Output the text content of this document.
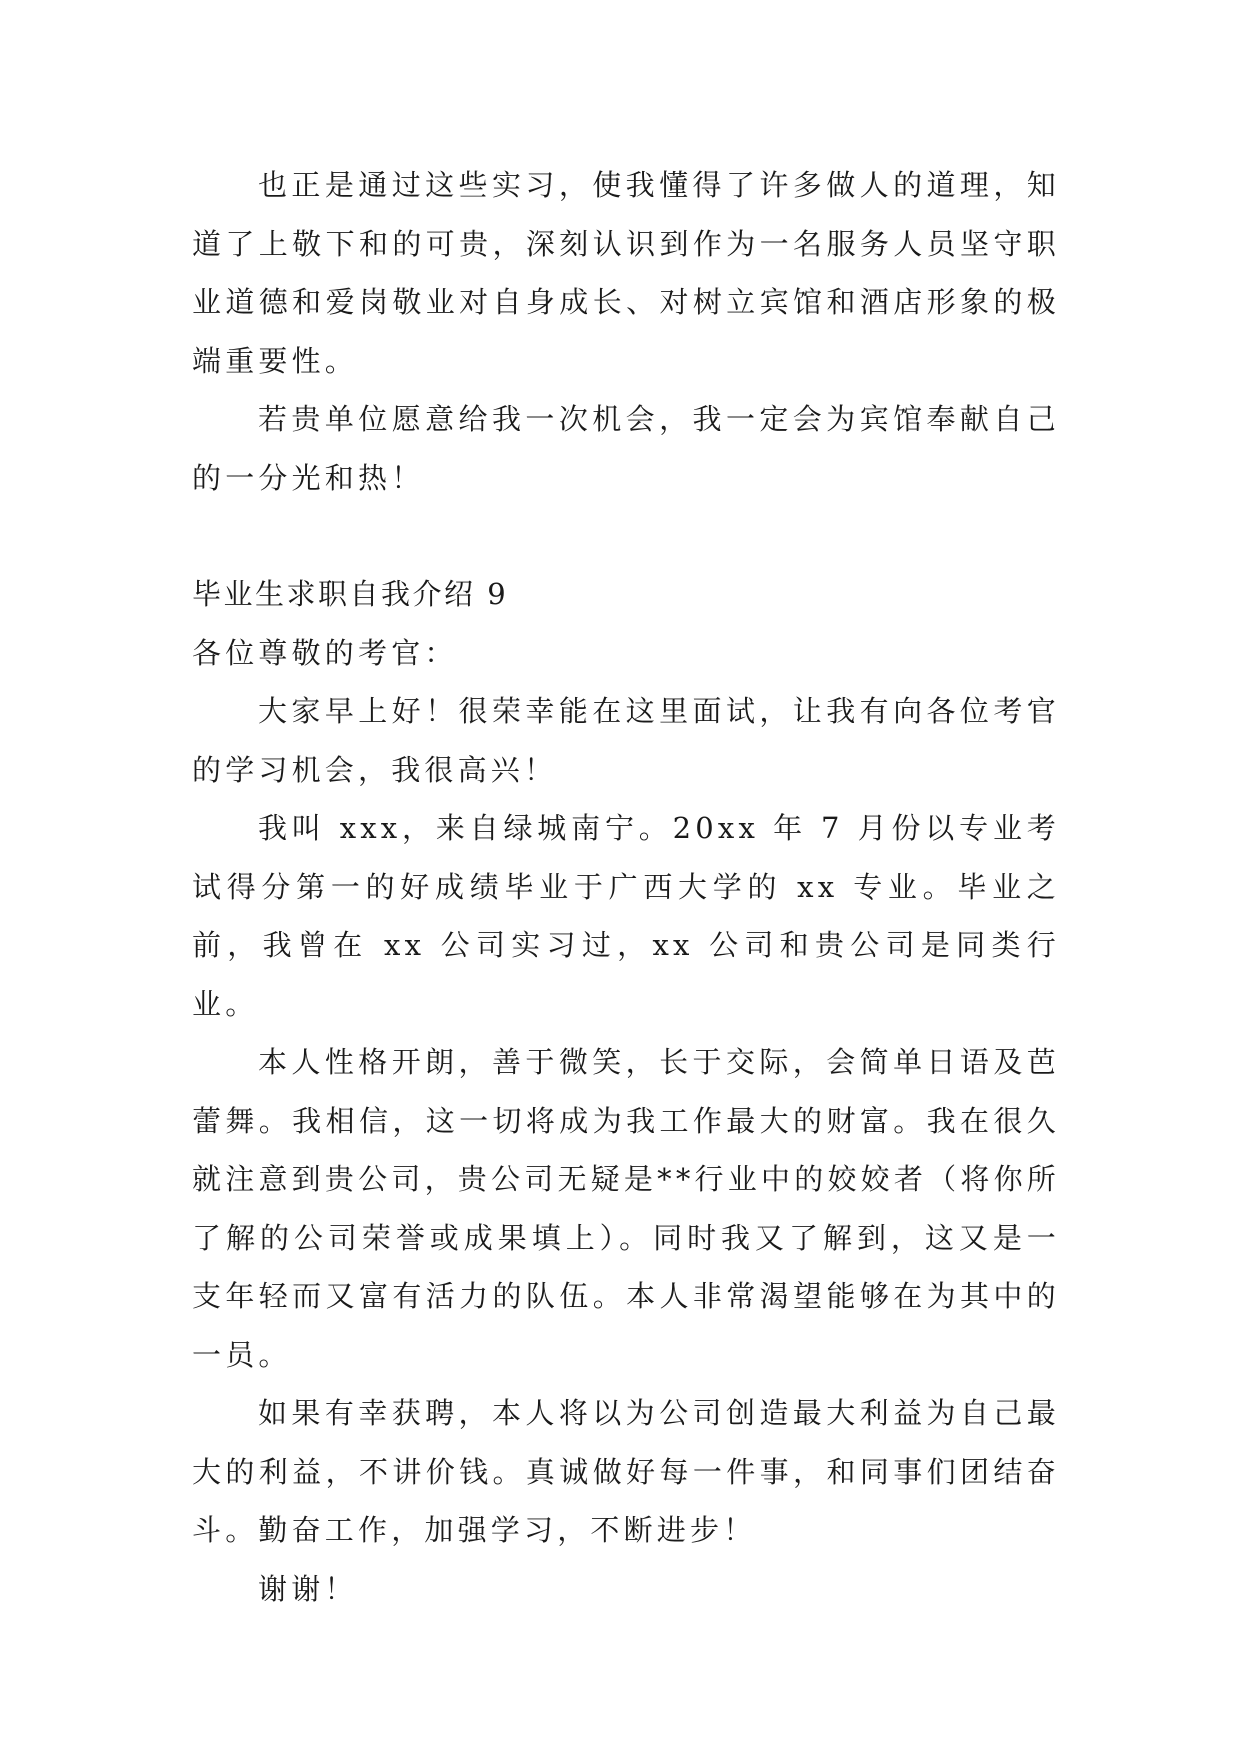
也正是通过这些实习，使我懂得了许多做人的道理，知道了上敬下和的可贵，深刻认识到作为一名服务人员坚守职业道德和爱岗敬业对自身成长、对树立宾馆和酒店形象的极端重要性。

若贵单位愿意给我一次机会，我一定会为宾馆奉献自己的一分光和热！

毕业生求职自我介绍 9

各位尊敬的考官：

大家早上好！很荣幸能在这里面试，让我有向各位考官的学习机会，我很高兴！

我叫 xxx，来自绿城南宁。20xx 年 7 月份以专业考试得分第一的好成绩毕业于广西大学的 xx 专业。毕业之前，我曾在 xx 公司实习过，xx 公司和贵公司是同类行业。

本人性格开朗，善于微笑，长于交际，会简单日语及芭蕾舞。我相信，这一切将成为我工作最大的财富。我在很久就注意到贵公司，贵公司无疑是**行业中的姣姣者（将你所了解的公司荣誉或成果填上）。同时我又了解到，这又是一支年轻而又富有活力的队伍。本人非常渴望能够在为其中的一员。

如果有幸获聘，本人将以为公司创造最大利益为自己最大的利益，不讲价钱。真诚做好每一件事，和同事们团结奋斗。勤奋工作，加强学习，不断进步！

谢谢！
